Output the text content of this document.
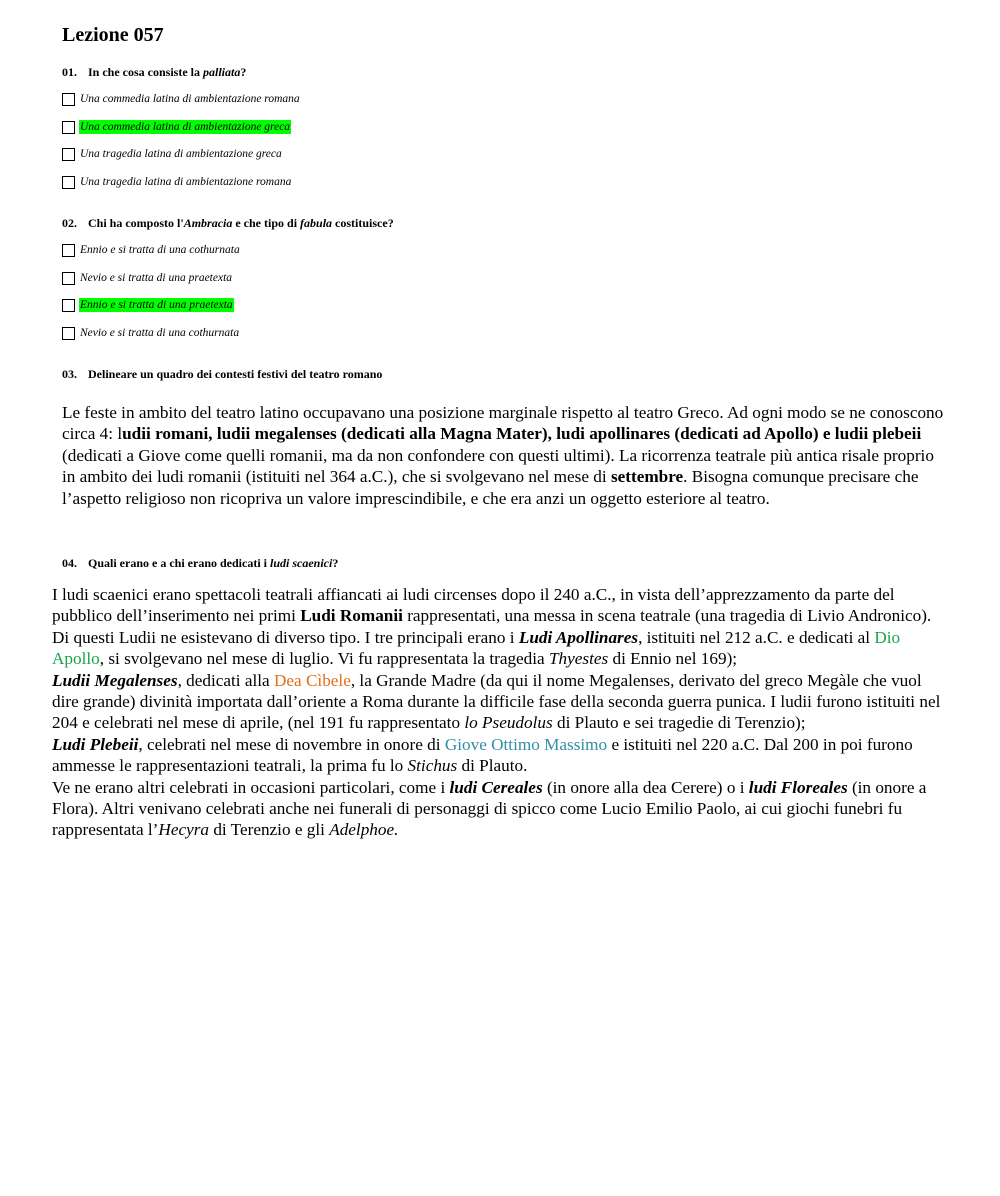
Lezione 057
01. In che cosa consiste la palliata?
Una commedia latina di ambientazione romana
Una commedia latina di ambientazione greca
Una tragedia latina di ambientazione greca
Una tragedia latina di ambientazione romana
02. Chi ha composto l'Ambracia e che tipo di fabula costituisce?
Ennio e si tratta di una cothurnata
Nevio e si tratta di una praetexta
Ennio e si tratta di una praetexta
Nevio e si tratta di una cothurnata
03. Delineare un quadro dei contesti festivi del teatro romano

Le feste in ambito del teatro latino occupavano una posizione marginale rispetto al teatro Greco. Ad ogni modo se ne conoscono circa 4: ludii romani, ludii megalenses (dedicati alla Magna Mater), ludi apollinares (dedicati ad Apollo) e ludii plebeii (dedicati a Giove come quelli romanii, ma da non confondere con questi ultimi). La ricorrenza teatrale più antica risale proprio in ambito dei ludi romanii (istituiti nel 364 a.C.), che si svolgevano nel mese di settembre. Bisogna comunque precisare che l’aspetto religioso non ricopriva un valore imprescindibile, e che era anzi un oggetto esteriore al teatro.

04. Quali erano e a chi erano dedicati i ludi scaenici?

I ludi scaenici erano spettacoli teatrali affiancati ai ludi circenses dopo il 240 a.C., in vista dell’apprezzamento da parte del pubblico dell’inserimento nei primi Ludi Romanii rappresentati, una messa in scena teatrale (una tragedia di Livio Andronico). Di questi Ludii ne esistevano di diverso tipo. I tre principali erano i Ludi Apollinares, istituiti nel 212 a.C. e dedicati al Dio Apollo, si svolgevano nel mese di luglio. Vi fu rappresentata la tragedia Thyestes di Ennio nel 169);

Ludii Megalenses, dedicati alla Dea Cìbele, la Grande Madre (da qui il nome Megalenses, derivato del greco Megàle che vuol dire grande) divinità importata dall’oriente a Roma durante la difficile fase della seconda guerra punica. I ludii furono istituiti nel 204 e celebrati nel mese di aprile, (nel 191 fu rappresentato lo Pseudolus di Plauto e sei tragedie di Terenzio);

Ludi Plebeii, celebrati nel mese di novembre in onore di Giove Ottimo Massimo e istituiti nel 220 a.C. Dal 200 in poi furono ammesse le rappresentazioni teatrali, la prima fu lo Stichus di Plauto.

Ve ne erano altri celebrati in occasioni particolari, come i ludi Cereales (in onore alla dea Cerere) o i ludi Floreales (in onore a Flora). Altri venivano celebrati anche nei funerali di personaggi di spicco come Lucio Emilio Paolo, ai cui giochi funebri fu rappresentata l’Hecyra di Terenzio e gli Adelphoe.
